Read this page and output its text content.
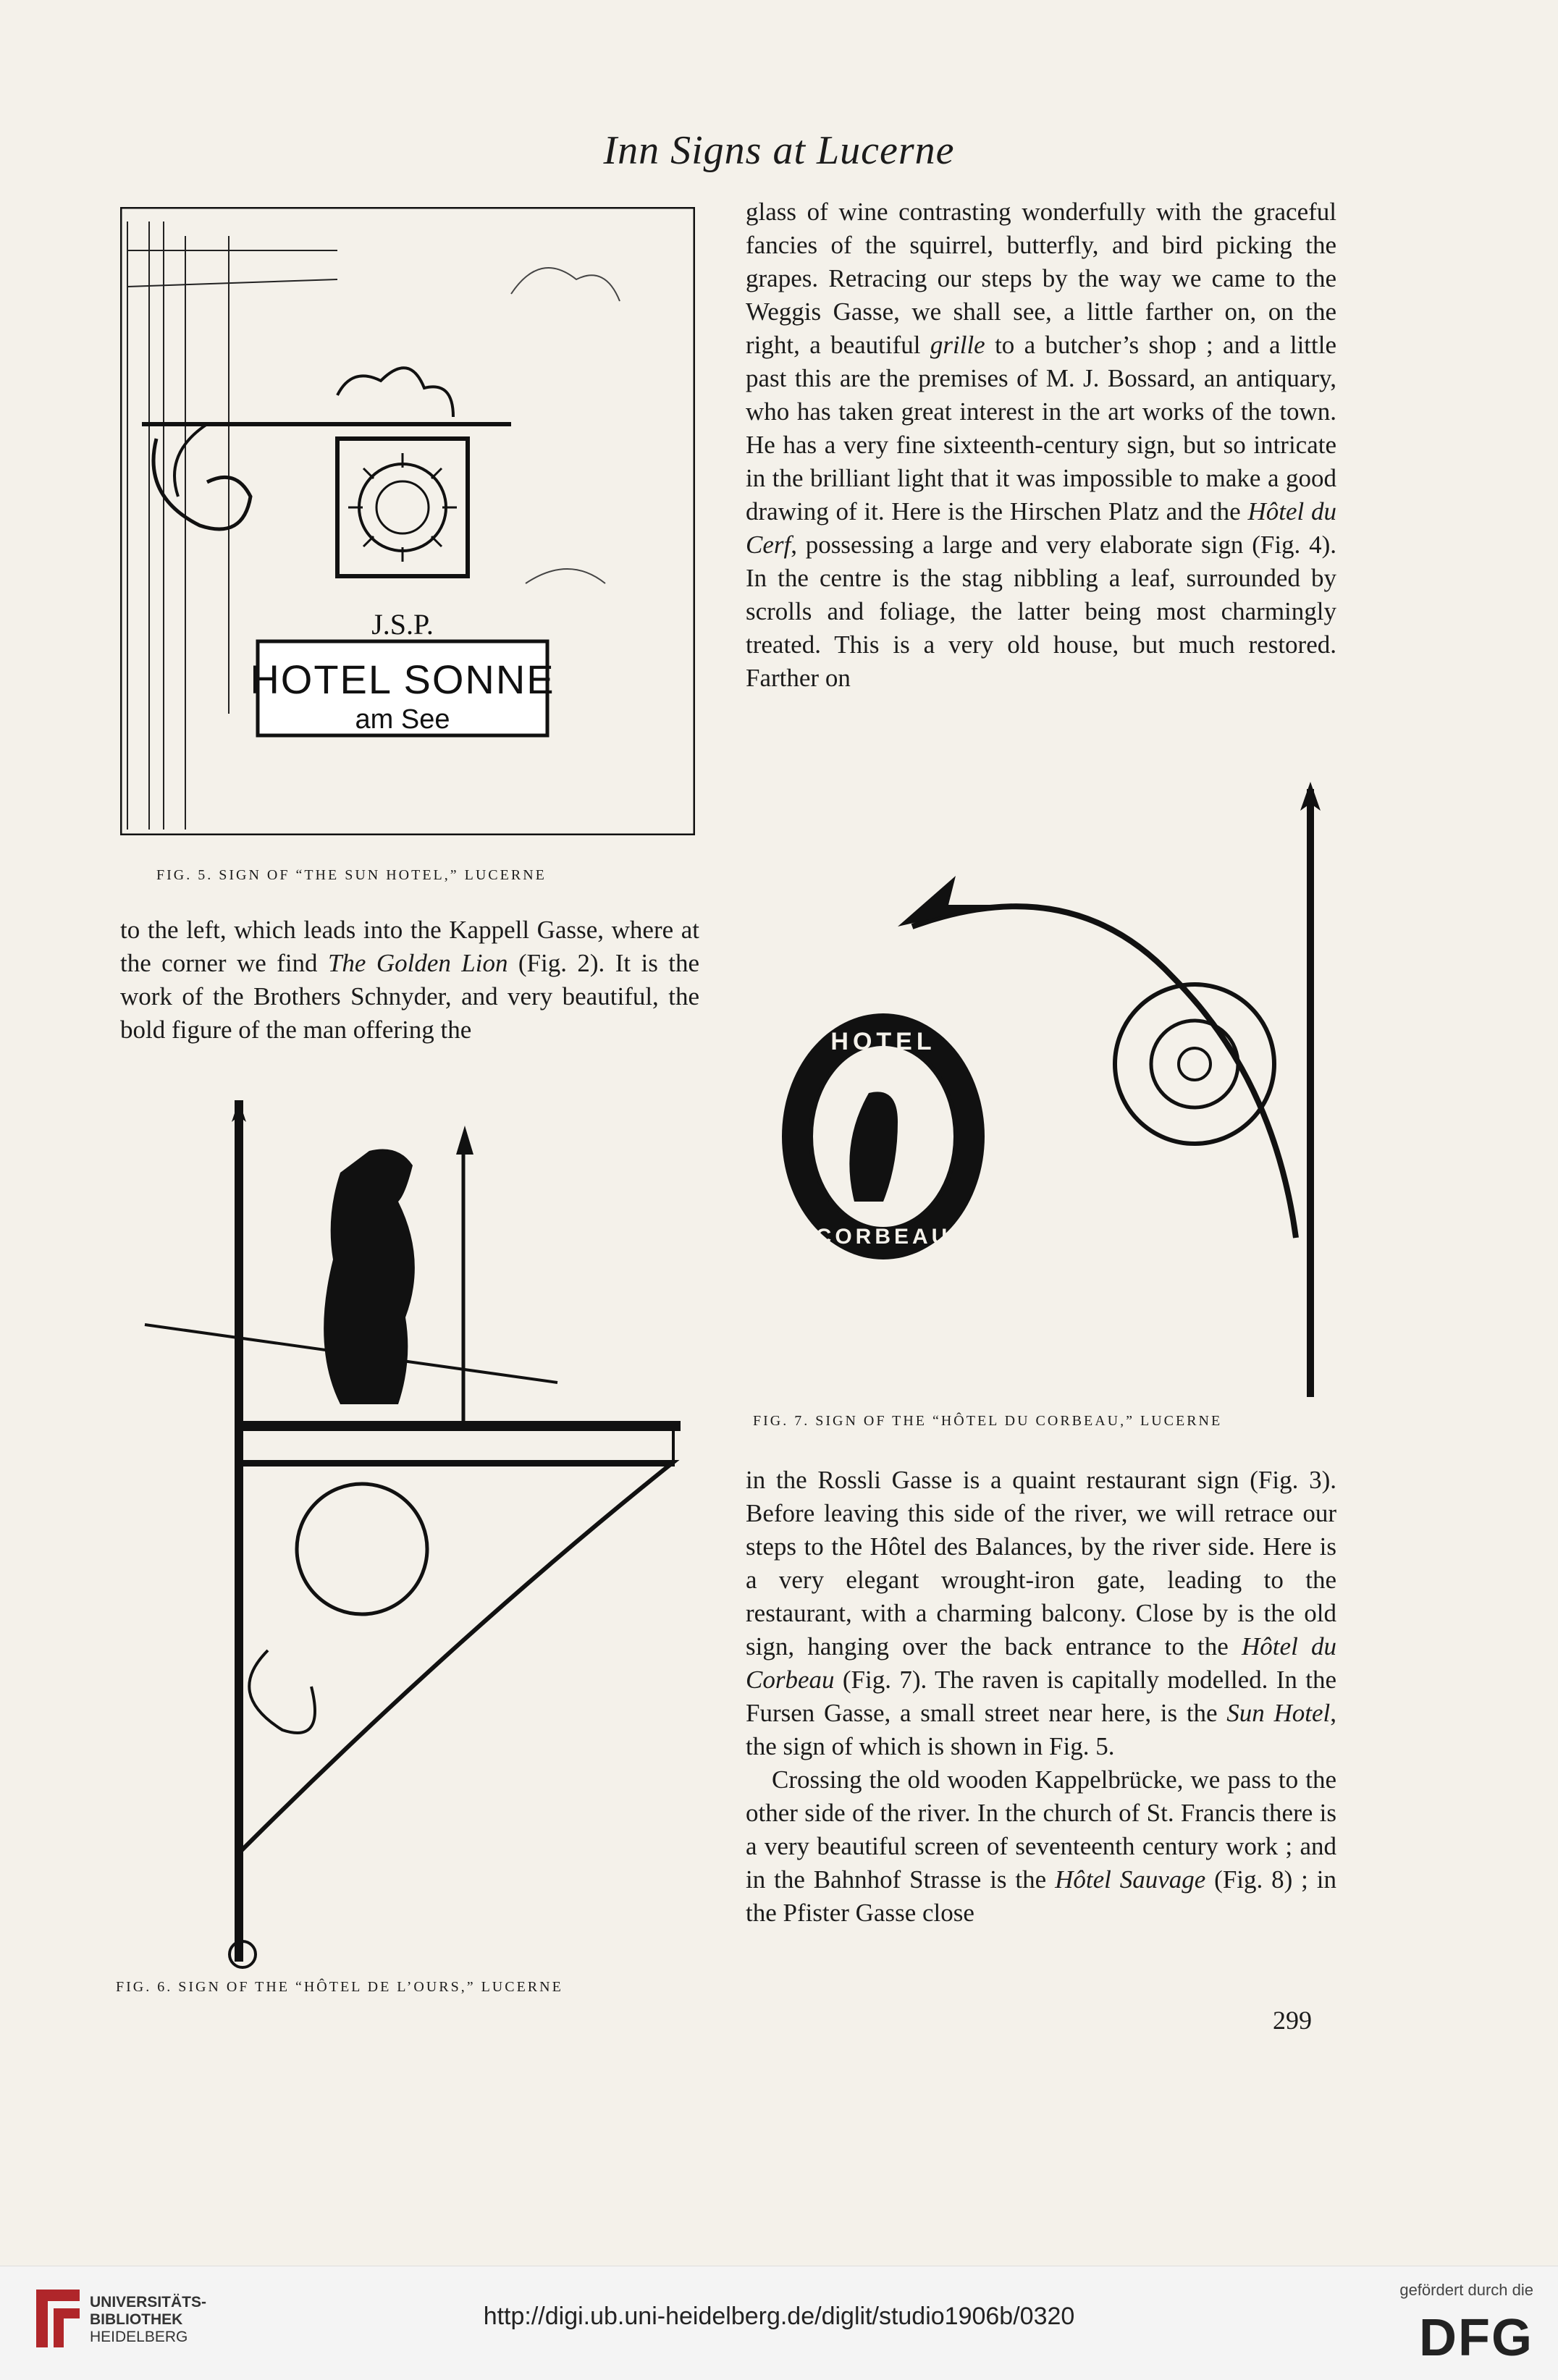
Inn Signs at Lucerne
J.S.P.
HOTEL SONNE
am See
FIG. 5. SIGN OF “THE SUN HOTEL,” LUCERNE

to the left, which leads into the Kappell Gasse, where at the corner we find The Golden Lion (Fig. 2). It is the work of the Brothers Schnyder, and very beautiful, the bold figure of the man offering the

FIG. 6. SIGN OF THE “HÔTEL DE L’OURS,” LUCERNE

glass of wine contrasting wonderfully with the graceful fancies of the squirrel, butterfly, and bird picking the grapes. Retracing our steps by the way we came to the Weggis Gasse, we shall see, a little farther on, on the right, a beautiful grille to a butcher’s shop ; and a little past this are the premises of M. J. Bossard, an antiquary, who has taken great interest in the art works of the town. He has a very fine sixteenth-century sign, but so intricate in the brilliant light that it was impossible to make a good drawing of it. Here is the Hirschen Platz and the Hôtel du Cerf, possessing a large and very elaborate sign (Fig. 4). In the centre is the stag nibbling a leaf, surrounded by scrolls and foliage, the latter being most charmingly treated. This is a very old house, but much restored. Farther on

HOTEL
CORBEAU
FIG. 7. SIGN OF THE “HÔTEL DU CORBEAU,” LUCERNE

in the Rossli Gasse is a quaint restaurant sign (Fig. 3). Before leaving this side of the river, we will retrace our steps to the Hôtel des Balances, by the river side. Here is a very elegant wrought-iron gate, leading to the restaurant, with a charming balcony. Close by is the old sign, hanging over the back entrance to the Hôtel du Corbeau (Fig. 7). The raven is capitally modelled. In the Fursen Gasse, a small street near here, is the Sun Hotel, the sign of which is shown in Fig. 5.

Crossing the old wooden Kappelbrücke, we pass to the other side of the river. In the church of St. Francis there is a very beautiful screen of seventeenth century work ; and in the Bahnhof Strasse is the Hôtel Sauvage (Fig. 8) ; in the Pfister Gasse close

299
UNIVERSITÄTS-
BIBLIOTHEK
HEIDELBERG
http://digi.ub.uni-heidelberg.de/diglit/studio1906b/0320
gefördert durch die
DFG
